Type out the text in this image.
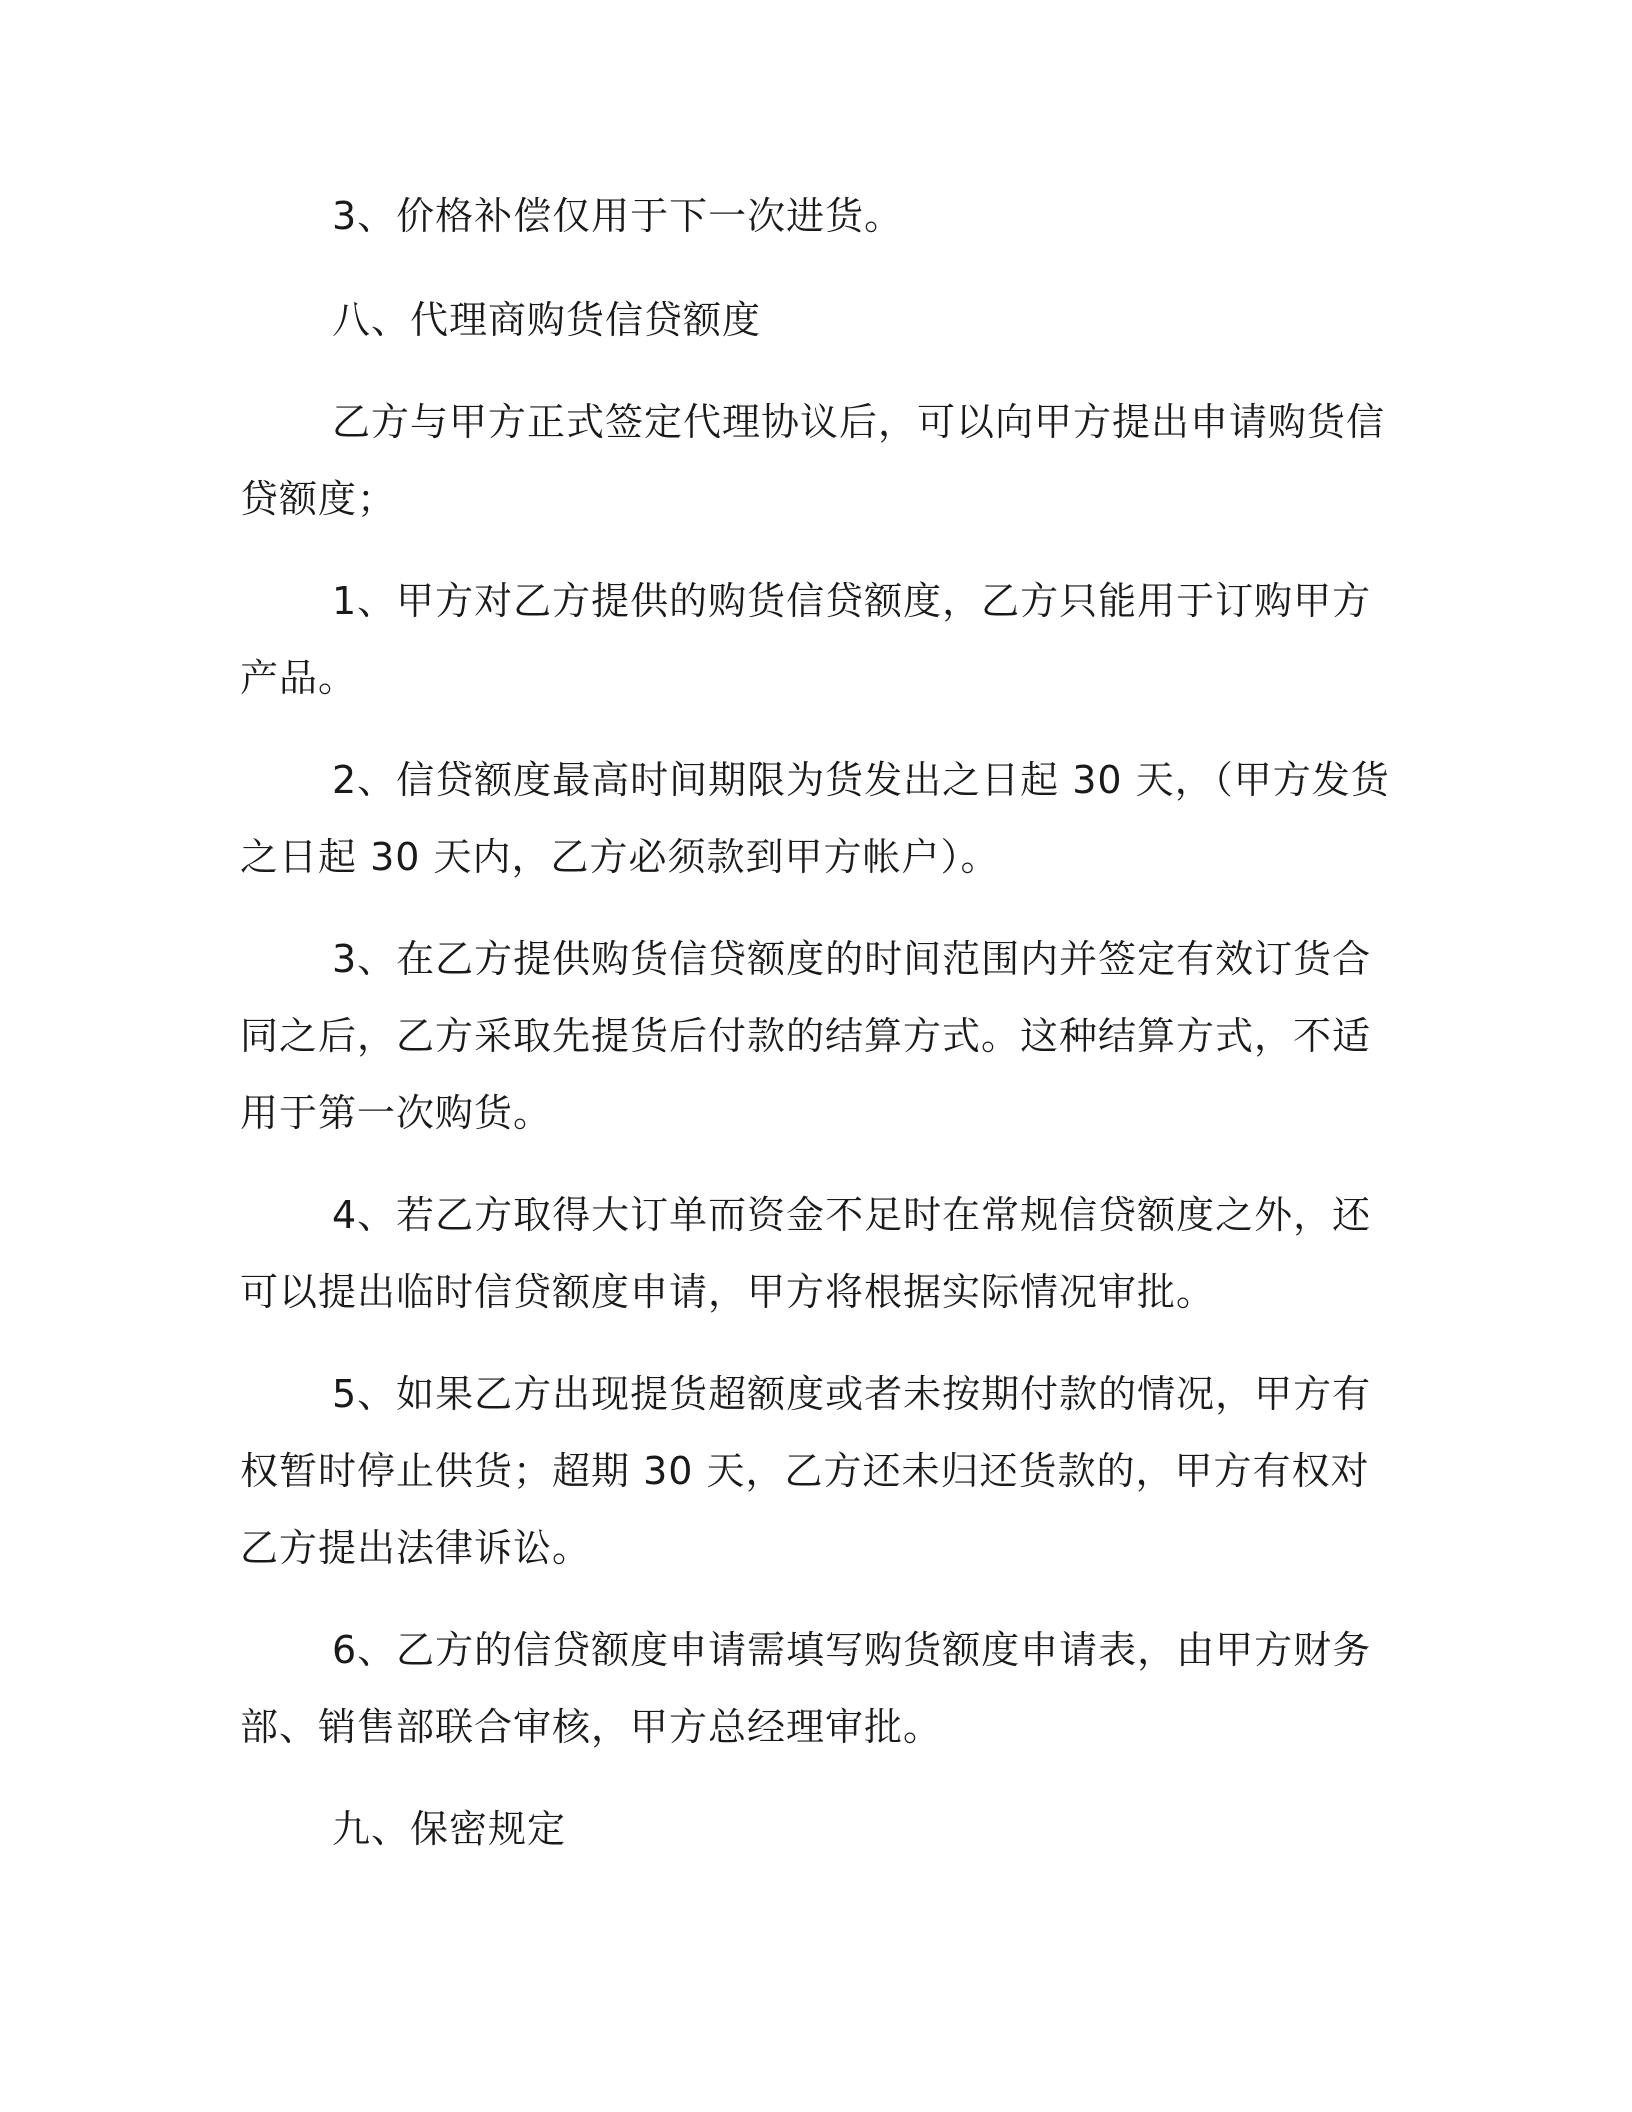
3、价格补偿仅用于下一次进货。

八、代理商购货信贷额度

乙方与甲方正式签定代理协议后，可以向甲方提出申请购货信贷额度；

1、甲方对乙方提供的购货信贷额度，乙方只能用于订购甲方产品。

2、信贷额度最高时间期限为货发出之日起 30 天，（甲方发货之日起 30 天内，乙方必须款到甲方帐户）。

3、在乙方提供购货信贷额度的时间范围内并签定有效订货合同之后，乙方采取先提货后付款的结算方式。这种结算方式，不适用于第一次购货。

4、若乙方取得大订单而资金不足时在常规信贷额度之外，还可以提出临时信贷额度申请，甲方将根据实际情况审批。

5、如果乙方出现提货超额度或者未按期付款的情况，甲方有权暂时停止供货；超期 30 天，乙方还未归还货款的，甲方有权对乙方提出法律诉讼。

6、乙方的信贷额度申请需填写购货额度申请表，由甲方财务部、销售部联合审核，甲方总经理审批。

九、保密规定
